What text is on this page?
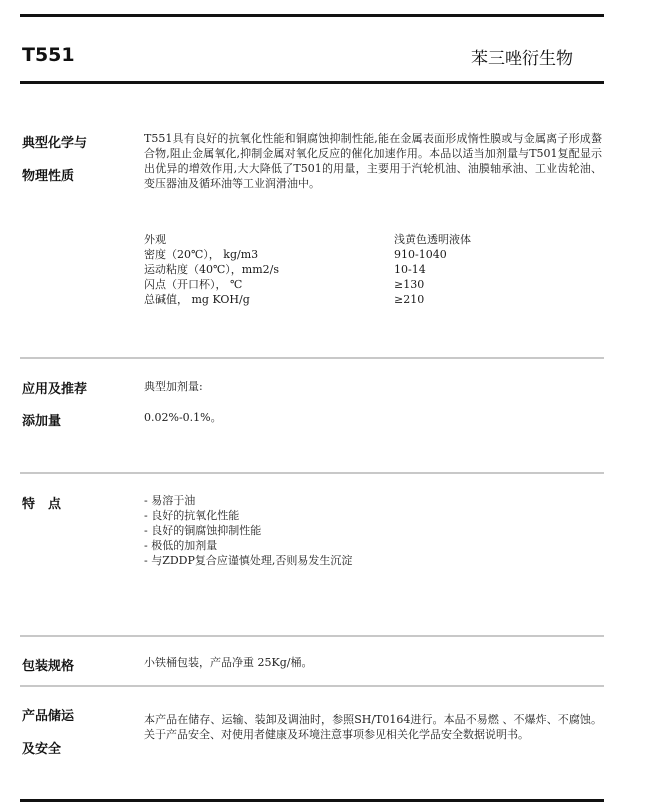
T551	苯三唑衍生物
典型化学与
物理性质

T551具有良好的抗氧化性能和铜腐蚀抑制性能,能在金属表面形成惰性膜或与金属离子形成螯合物,阻止金属氧化,抑制金属对氧化反应的催化加速作用。本品以适当加剂量与T501复配显示出优异的增效作用,大大降低了T501的用量，主要用于汽轮机油、油膜轴承油、工业齿轮油、变压器油及循环油等工业润滑油中。

外观	浅黄色透明液体
密度（20℃）， kg/m3	910-1040
运动粘度（40℃），mm2/s	10-14
闪点（开口杯）， ℃	≥130
总碱值， mg KOH/g	≥210
应用及推荐
添加量
典型加剂量:
0.02%-0.1%。
特　点	- 易溶于油
- 良好的抗氧化性能
- 良好的铜腐蚀抑制性能
- 极低的加剂量
- 与ZDDP复合应谨慎处理,否则易发生沉淀
包装规格	小铁桶包装，产品净重 25Kg/桶。
产品储运
及安全

本产品在储存、运输、装卸及调油时，参照SH/T0164进行。本品不易燃 、不爆炸、不腐蚀。关于产品安全、对使用者健康及环境注意事项参见相关化学品安全数据说明书。
